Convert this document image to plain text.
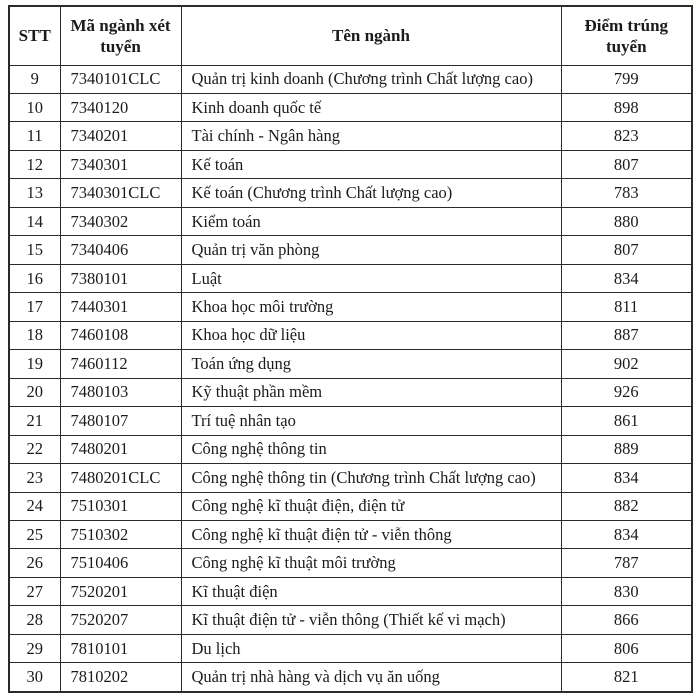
STT	Mã ngành xét tuyển	Tên ngành	Điểm trúng tuyển
9	7340101CLC	Quản trị kinh doanh (Chương trình Chất lượng cao)	799
10	7340120	Kinh doanh quốc tế	898
11	7340201	Tài chính - Ngân hàng	823
12	7340301	Kế toán	807
13	7340301CLC	Kế toán (Chương trình Chất lượng cao)	783
14	7340302	Kiểm toán	880
15	7340406	Quản trị văn phòng	807
16	7380101	Luật	834
17	7440301	Khoa học môi trường	811
18	7460108	Khoa học dữ liệu	887
19	7460112	Toán ứng dụng	902
20	7480103	Kỹ thuật phần mềm	926
21	7480107	Trí tuệ nhân tạo	861
22	7480201	Công nghệ thông tin	889
23	7480201CLC	Công nghệ thông tin (Chương trình Chất lượng cao)	834
24	7510301	Công nghệ kĩ thuật điện, điện tử	882
25	7510302	Công nghệ kĩ thuật điện tử - viễn thông	834
26	7510406	Công nghệ kĩ thuật môi trường	787
27	7520201	Kĩ thuật điện	830
28	7520207	Kĩ thuật điện tử - viễn thông (Thiết kế vi mạch)	866
29	7810101	Du lịch	806
30	7810202	Quản trị nhà hàng và dịch vụ ăn uống	821
